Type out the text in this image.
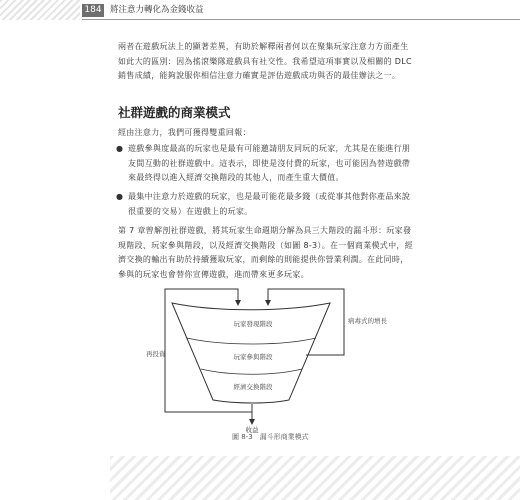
184 將注意力轉化為金錢收益
兩者在遊戲玩法上的顯著差異，有助於解釋兩者何以在聚集玩家注意力方面產生如此大的區別：因為搖滾樂隊遊戲具有社交性。我希望這項事實以及相關的 DLC 銷售成績，能夠說服你相信注意力確實是評估遊戲成功與否的最佳辦法之一。
社群遊戲的商業模式
經由注意力，我們可獲得雙重回報：
● 遊戲參與度最高的玩家也是最有可能邀請朋友同玩的玩家，尤其是在能進行朋友間互動的社群遊戲中。這表示，即使是沒付費的玩家，也可能因為替遊戲帶來最終得以進入經濟交換階段的其他人，而產生重大價值。
● 最集中注意力於遊戲的玩家，也是最可能花最多錢（或從事其他對你產品來說很重要的交易）在遊戲上的玩家。
第 7 章曾解剖社群遊戲，將其玩家生命週期分解為具三大階段的漏斗形：玩家發現階段、玩家參與階段，以及經濟交換階段（如圖 8-3）。在一個商業模式中，經濟交換的輸出有助於持續獲取玩家，而剩餘的則能提供你營業利潤。在此同時，參與的玩家也會替你宣傳遊戲，進而帶來更多玩家。
玩家發現階段
玩家參與階段
經濟交換階段
病毒式的增長
再投資
收益
圖 8-3　漏斗形商業模式
